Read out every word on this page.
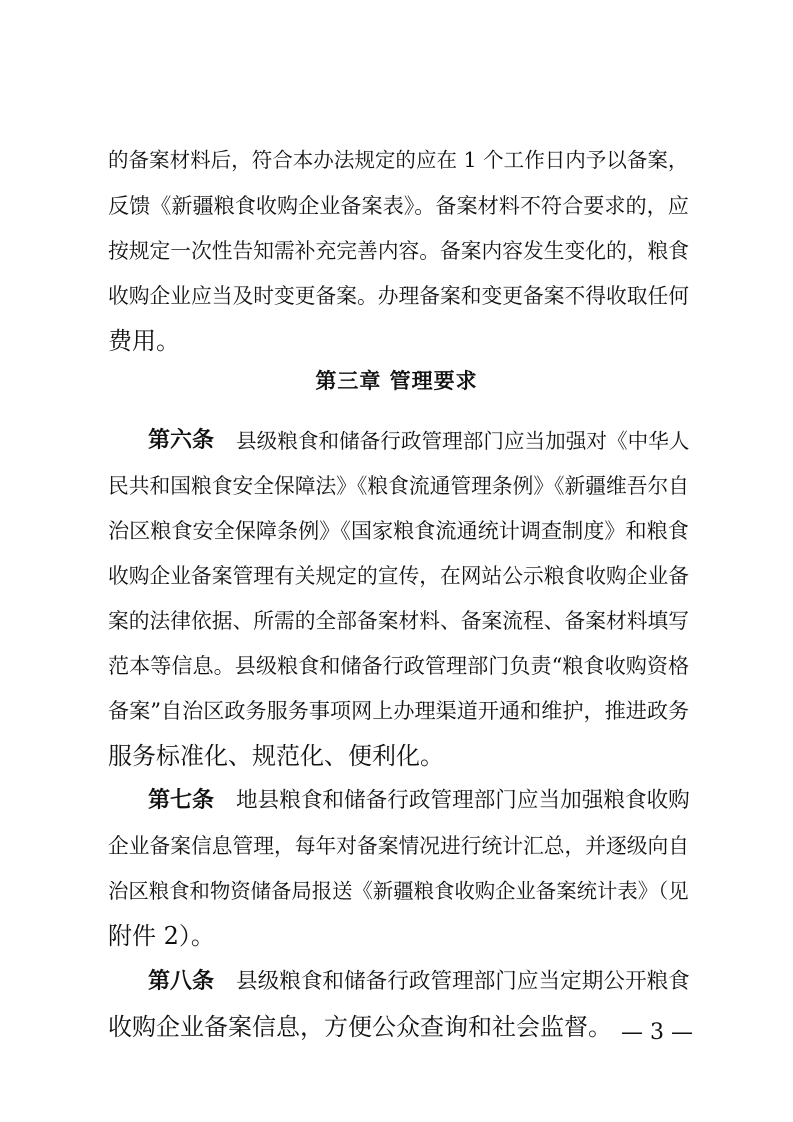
的备案材料后，符合本办法规定的应在 1 个工作日内予以备案，
反馈《新疆粮食收购企业备案表》。备案材料不符合要求的，应
按规定一次性告知需补充完善内容。备案内容发生变化的，粮食
收购企业应当及时变更备案。办理备案和变更备案不得收取任何
费用。
第三章 管理要求
第六条 县级粮食和储备行政管理部门应当加强对《中华人
民共和国粮食安全保障法》《粮食流通管理条例》《新疆维吾尔自
治区粮食安全保障条例》《国家粮食流通统计调查制度》和粮食
收购企业备案管理有关规定的宣传，在网站公示粮食收购企业备
案的法律依据、所需的全部备案材料、备案流程、备案材料填写
范本等信息。县级粮食和储备行政管理部门负责“粮食收购资格
备案”自治区政务服务事项网上办理渠道开通和维护，推进政务
服务标准化、规范化、便利化。
第七条 地县粮食和储备行政管理部门应当加强粮食收购
企业备案信息管理，每年对备案情况进行统计汇总，并逐级向自
治区粮食和物资储备局报送《新疆粮食收购企业备案统计表》（见
附件 2）。
第八条 县级粮食和储备行政管理部门应当定期公开粮食
收购企业备案信息，方便公众查询和社会监督。 — 3 —
